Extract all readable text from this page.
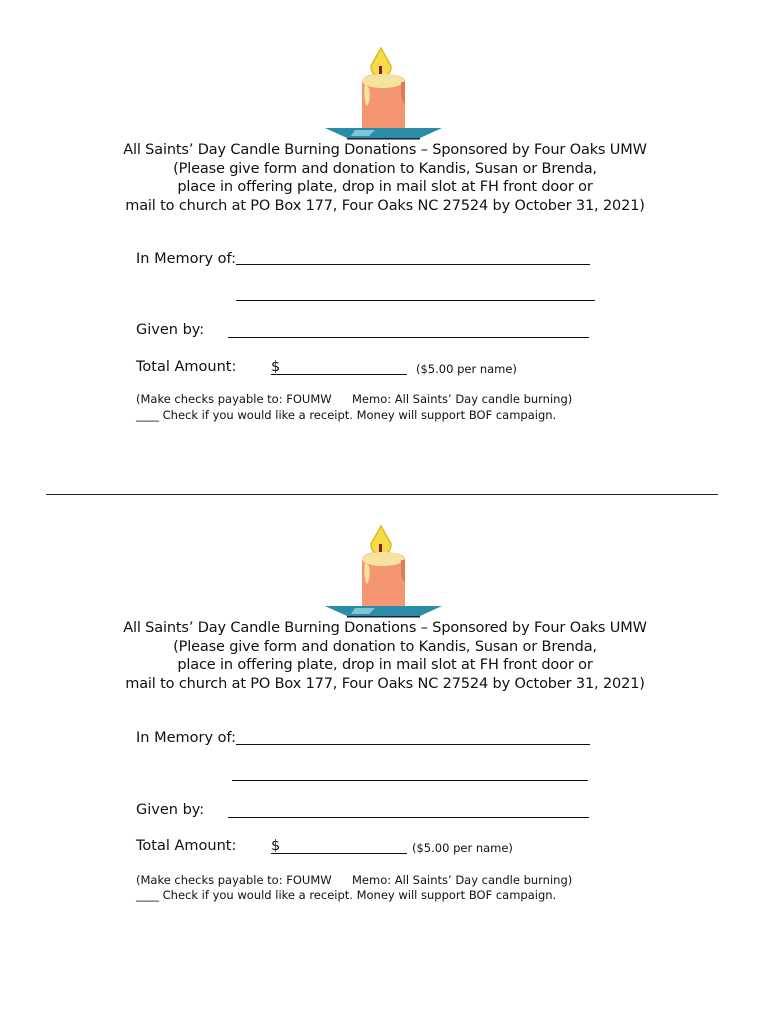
All Saints’ Day Candle Burning Donations – Sponsored by Four Oaks UMW
(Please give form and donation to Kandis, Susan or Brenda,
place in offering plate, drop in mail slot at FH front door or
mail to church at PO Box 177, Four Oaks NC 27524 by October 31, 2021)
In Memory of:
Given by:
Total Amount: $	($5.00 per name)
(Make checks payable to: FOUMW Memo: All Saints’ Day candle burning)
____ Check if you would like a receipt. Money will support BOF campaign.
All Saints’ Day Candle Burning Donations – Sponsored by Four Oaks UMW
(Please give form and donation to Kandis, Susan or Brenda,
place in offering plate, drop in mail slot at FH front door or
mail to church at PO Box 177, Four Oaks NC 27524 by October 31, 2021)
In Memory of:
Given by:
Total Amount: $	($5.00 per name)
(Make checks payable to: FOUMW Memo: All Saints’ Day candle burning)
____ Check if you would like a receipt. Money will support BOF campaign.
